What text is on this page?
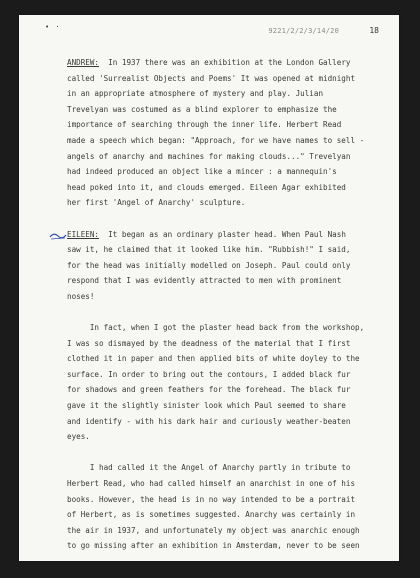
• ·	9221/2/2/3/14/20	18
ANDREW:  In 1937 there was an exhibition at the London Gallery
called 'Surrealist Objects and Poems' It was opened at midnight
in an appropriate atmosphere of mystery and play. Julian
Trevelyan was costumed as a blind explorer to emphasize the
importance of searching through the inner life. Herbert Read
made a speech which began: "Approach, for we have names to sell -
angels of anarchy and machines for making clouds..." Trevelyan
had indeed produced an object like a mincer : a mannequin's
head poked into it, and clouds emerged. Eileen Agar exhibited
her first 'Angel of Anarchy' sculpture.
EILEEN:  It began as an ordinary plaster head. When Paul Nash
saw it, he claimed that it looked like him. "Rubbish!" I said,
for the head was initially modelled on Joseph. Paul could only
respond that I was evidently attracted to men with prominent
noses!
In fact, when I got the plaster head back from the workshop,
I was so dismayed by the deadness of the material that I first
clothed it in paper and then applied bits of white doyley to the
surface. In order to bring out the contours, I added black fur
for shadows and green feathers for the forehead. The black fur
gave it the slightly sinister look which Paul seemed to share
and identify - with his dark hair and curiously weather-beaten
eyes.
I had called it the Angel of Anarchy partly in tribute to
Herbert Read, who had called himself an anarchist in one of his
books. However, the head is in no way intended to be a portrait
of Herbert, as is sometimes suggested. Anarchy was certainly in
the air in 1937, and unfortunately my object was anarchic enough
to go missing after an exhibition in Amsterdam, never to be seen
